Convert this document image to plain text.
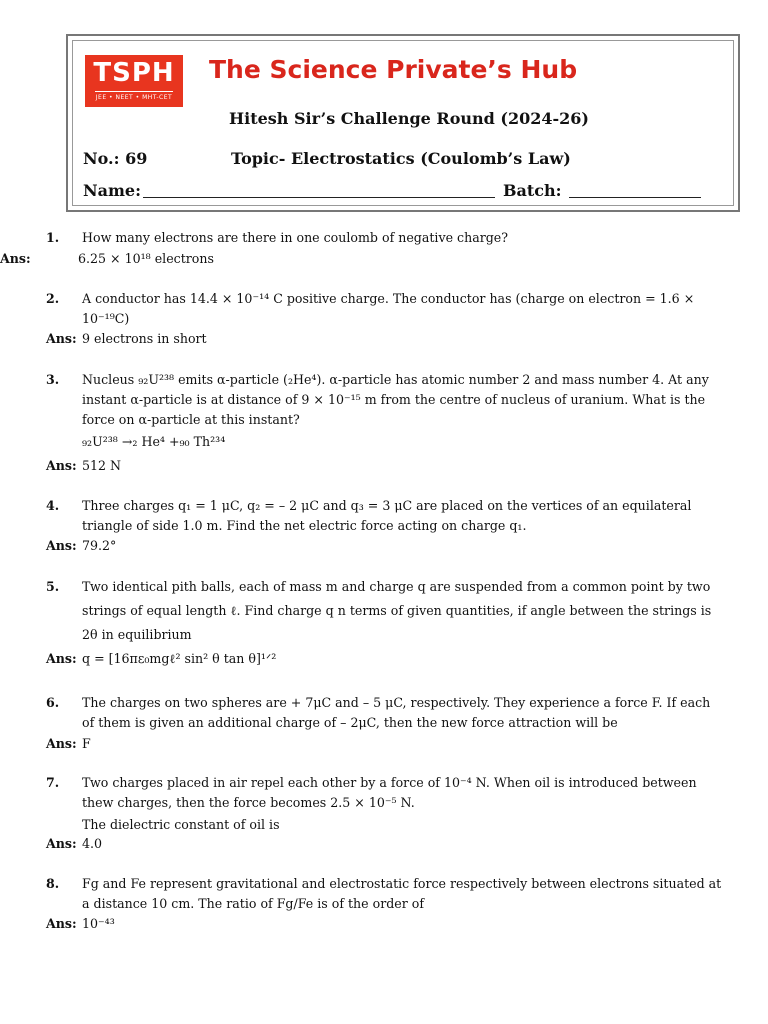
TSPH
JEE • NEET • MHT-CET
The Science Private’s Hub
Hitesh Sir’s Challenge Round (2024-26)
No.: 69	Topic- Electrostatics (Coulomb’s Law)
Name:	Batch:
1. How many electrons are there in one coulomb of negative charge?
Ans:	6.25 × 10¹⁸ electrons
2. A conductor has 14.4 × 10⁻¹⁴ C positive charge. The conductor has (charge on electron = 1.6 × 10⁻¹⁹C)
Ans: 9 electrons in short
3. Nucleus ₉₂U²³⁸ emits α-particle (₂He⁴). α-particle has atomic number 2 and mass number 4. At any instant α-particle is at distance of 9 × 10⁻¹⁵ m from the centre of nucleus of uranium. What is the force on α-particle at this instant?
₉₂U²³⁸ →₂ He⁴ +₉₀ Th²³⁴
Ans: 512 N
4. Three charges q₁ = 1 μC, q₂ = – 2 μC and q₃ = 3 μC are placed on the vertices of an equilateral triangle of side 1.0 m. Find the net electric force acting on charge q₁.
Ans: 79.2°
5. Two identical pith balls, each of mass m and charge q are suspended from a common point by two strings of equal length ℓ. Find charge q n terms of given quantities, if angle between the strings is 2θ in equilibrium
Ans: q = [16πε₀mgℓ² sin² θ tan θ]¹ᐟ²
6. The charges on two spheres are + 7μC and – 5 μC, respectively. They experience a force F. If each of them is given an additional charge of – 2μC, then the new force attraction will be
Ans: F
7. Two charges placed in air repel each other by a force of 10⁻⁴ N. When oil is introduced between thew charges, then the force becomes 2.5 × 10⁻⁵ N.
The dielectric constant of oil is
Ans: 4.0
8. Fg and Fe represent gravitational and electrostatic force respectively between electrons situated at a distance 10 cm. The ratio of Fg/Fe is of the order of
Ans: 10⁻⁴³
